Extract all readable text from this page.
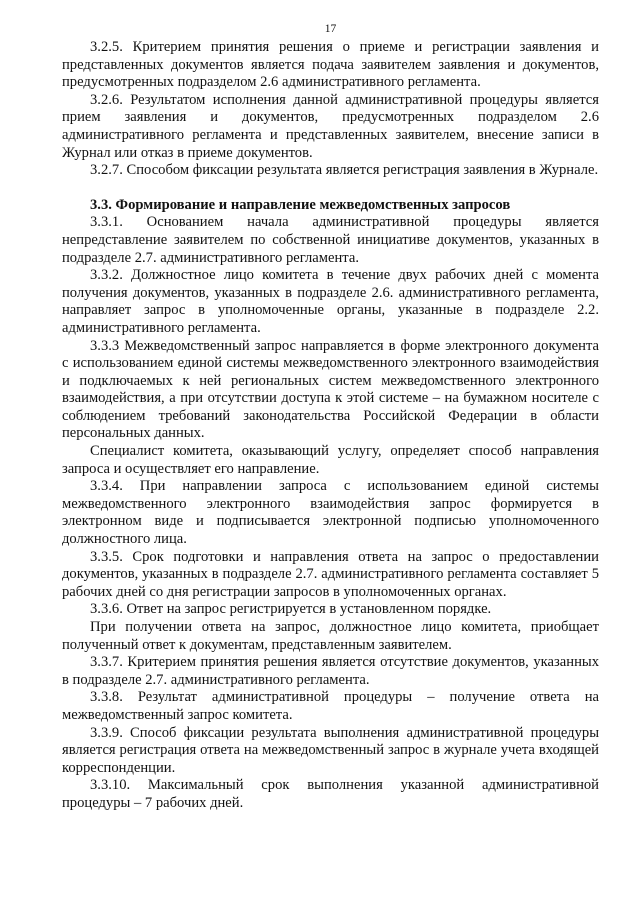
17

3.2.5. Критерием принятия решения о приеме и регистрации заявления и представленных документов является подача заявителем заявления и документов, предусмотренных подразделом 2.6 административного регламента.

3.2.6. Результатом исполнения данной административной процедуры является прием заявления и документов, предусмотренных подразделом 2.6 административного регламента и представленных заявителем, внесение записи в Журнал или отказ в приеме документов.

3.2.7. Способом фиксации результата является регистрация заявления в Журнале.

3.3. Формирование и направление межведомственных запросов

3.3.1. Основанием начала административной процедуры является непредставление заявителем по собственной инициативе документов, указанных в подразделе 2.7. административного регламента.

3.3.2. Должностное лицо комитета в течение двух рабочих дней с момента получения документов, указанных в подразделе 2.6. административного регламента, направляет запрос в уполномоченные органы, указанные в подразделе 2.2. административного регламента.

3.3.3 Межведомственный запрос направляется в форме электронного документа с использованием единой системы межведомственного электронного взаимодействия и подключаемых к ней региональных систем межведомственного электронного взаимодействия, а при отсутствии доступа к этой системе – на бумажном носителе с соблюдением требований законодательства Российской Федерации в области персональных данных.

Специалист комитета, оказывающий услугу, определяет способ направления запроса и осуществляет его направление.

3.3.4. При направлении запроса с использованием единой системы межведомственного электронного взаимодействия запрос формируется в электронном виде и подписывается электронной подписью уполномоченного должностного лица.

3.3.5. Срок подготовки и направления ответа на запрос о предоставлении документов, указанных в подразделе 2.7. административного регламента составляет 5 рабочих дней со дня регистрации запросов в уполномоченных органах.

3.3.6. Ответ на запрос регистрируется в установленном порядке.

При получении ответа на запрос, должностное лицо комитета, приобщает полученный ответ к документам, представленным заявителем.

3.3.7. Критерием принятия решения является отсутствие документов, указанных в подразделе 2.7. административного регламента.

3.3.8. Результат административной процедуры – получение ответа на межведомственный запрос комитета.

3.3.9. Способ фиксации результата выполнения административной процедуры является регистрация ответа на межведомственный запрос в журнале учета входящей корреспонденции.

3.3.10. Максимальный срок выполнения указанной административной процедуры – 7 рабочих дней.
